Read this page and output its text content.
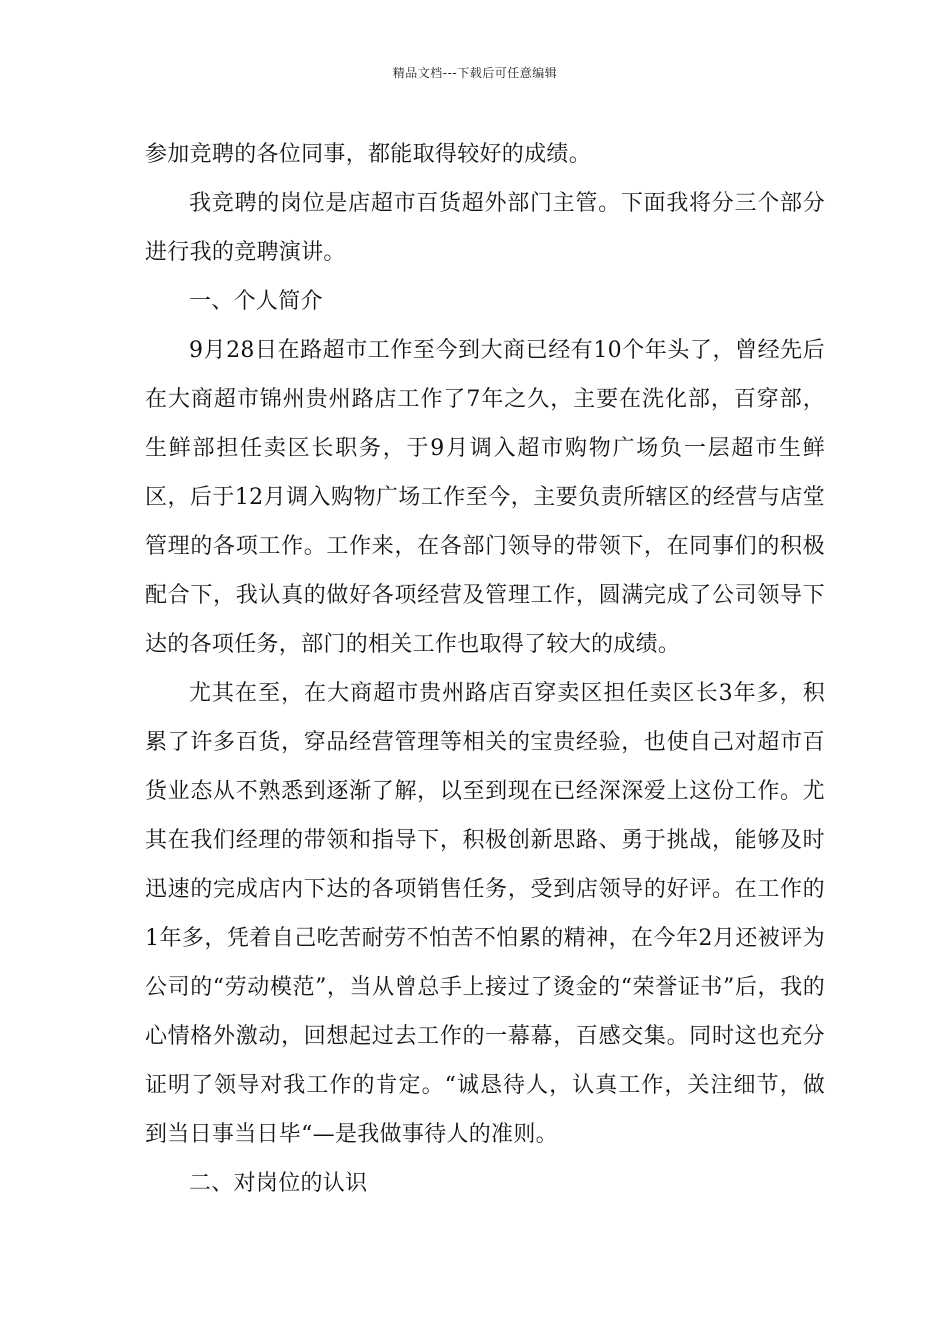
精品文档---下载后可任意编辑

参加竞聘的各位同事，都能取得较好的成绩。

我竞聘的岗位是店超市百货超外部门主管。下面我将分三个部分进行我的竞聘演讲。

一、个人简介

9月28日在路超市工作至今到大商已经有10个年头了，曾经先后在大商超市锦州贵州路店工作了7年之久，主要在洗化部，百穿部，生鲜部担任卖区长职务，于9月调入超市购物广场负一层超市生鲜区，后于12月调入购物广场工作至今，主要负责所辖区的经营与店堂管理的各项工作。工作来，在各部门领导的带领下，在同事们的积极配合下，我认真的做好各项经营及管理工作，圆满完成了公司领导下达的各项任务，部门的相关工作也取得了较大的成绩。

尤其在至，在大商超市贵州路店百穿卖区担任卖区长3年多，积累了许多百货，穿品经营管理等相关的宝贵经验，也使自己对超市百货业态从不熟悉到逐渐了解，以至到现在已经深深爱上这份工作。尤其在我们经理的带领和指导下，积极创新思路、勇于挑战，能够及时迅速的完成店内下达的各项销售任务，受到店领导的好评。在工作的1年多，凭着自己吃苦耐劳不怕苦不怕累的精神，在今年2月还被评为公司的“劳动模范”，当从曾总手上接过了烫金的“荣誉证书”后，我的心情格外激动，回想起过去工作的一幕幕，百感交集。同时这也充分证明了领导对我工作的肯定。“诚恳待人，认真工作，关注细节，做到当日事当日毕“—是我做事待人的准则。

二、对岗位的认识
